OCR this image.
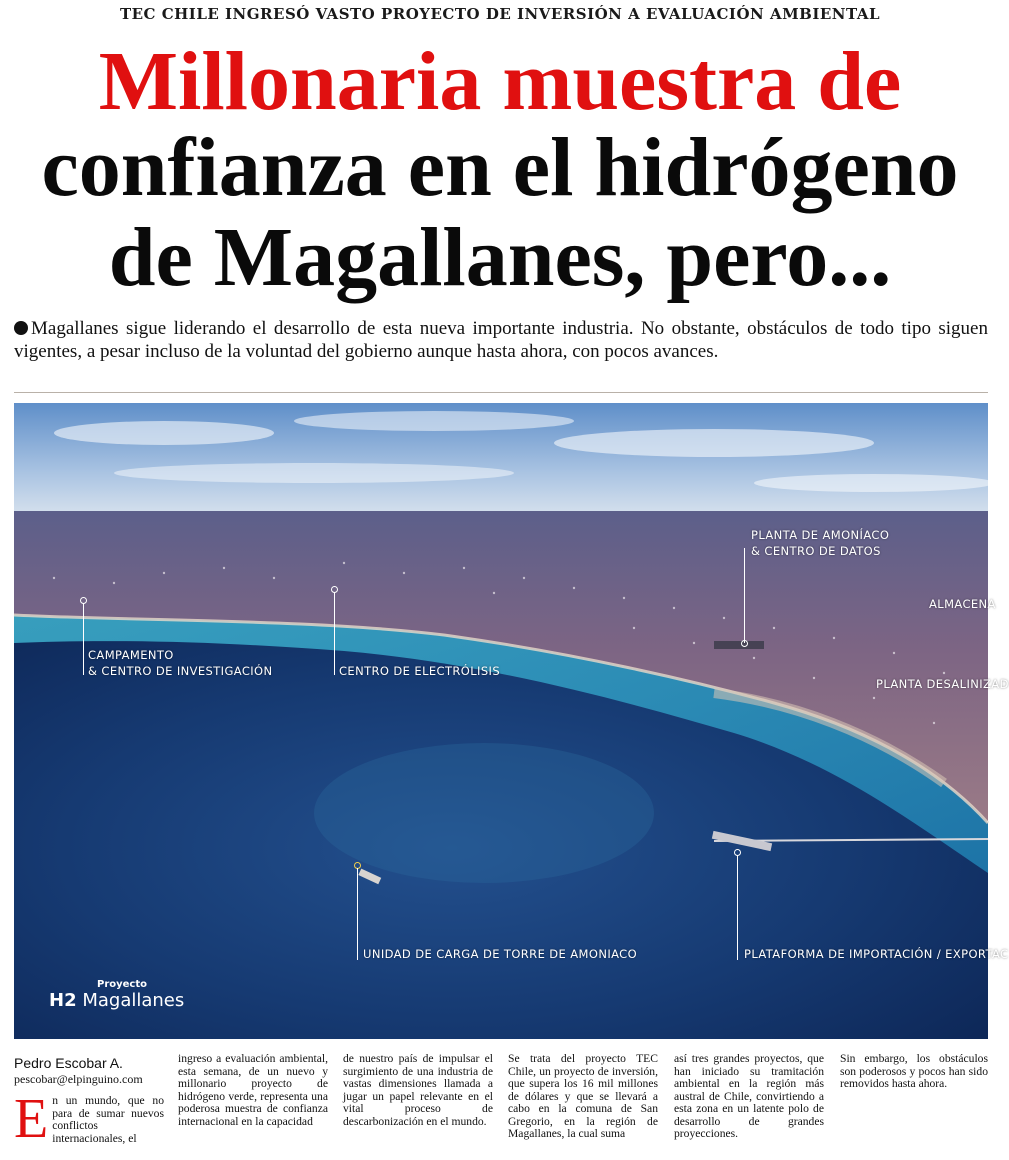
TEC CHILE INGRESÓ VASTO PROYECTO DE INVERSIÓN A EVALUACIÓN AMBIENTAL
Millonaria muestra de
confianza en el hidrógeno
de Magallanes, pero...
Magallanes sigue liderando el desarrollo de esta nueva importante industria. No obstante, obstáculos de todo tipo siguen vigentes, a pesar incluso de la voluntad del gobierno aunque hasta ahora, con pocos avances.
PLANTA DE AMONÍACO
& CENTRO DE DATOS
ALMACENA
CAMPAMENTO
& CENTRO DE INVESTIGACIÓN	CENTRO DE ELECTRÓLISIS
PLANTA DESALINIZAD
UNIDAD DE CARGA DE TORRE DE AMONIACO	PLATAFORMA DE IMPORTACIÓN / EXPORTAC
Proyecto
H2 Magallanes
Pedro Escobar A.
pescobar@elpinguino.com
E n un mundo, que no para de sumar nuevos conflictos internacionales, el

ingreso a evaluación ambiental, esta semana, de un nuevo y millonario proyecto de hidrógeno verde, representa una poderosa muestra de confianza internacional en la capacidad

de nuestro país de impulsar el surgimiento de una industria de vastas dimensiones llamada a jugar un papel relevante en el vital proceso de descarbonización en el mundo.

Se trata del proyecto TEC Chile, un proyecto de inversión, que supera los 16 mil millones de dólares y que se llevará a cabo en la comuna de San Gregorio, en la región de Magallanes, la cual suma

así tres grandes proyectos, que han iniciado su tramitación ambiental en la región más austral de Chile, convirtiendo a esta zona en un latente polo de desarrollo de grandes proyecciones.

Sin embargo, los obstáculos son poderosos y pocos han sido removidos hasta ahora.
